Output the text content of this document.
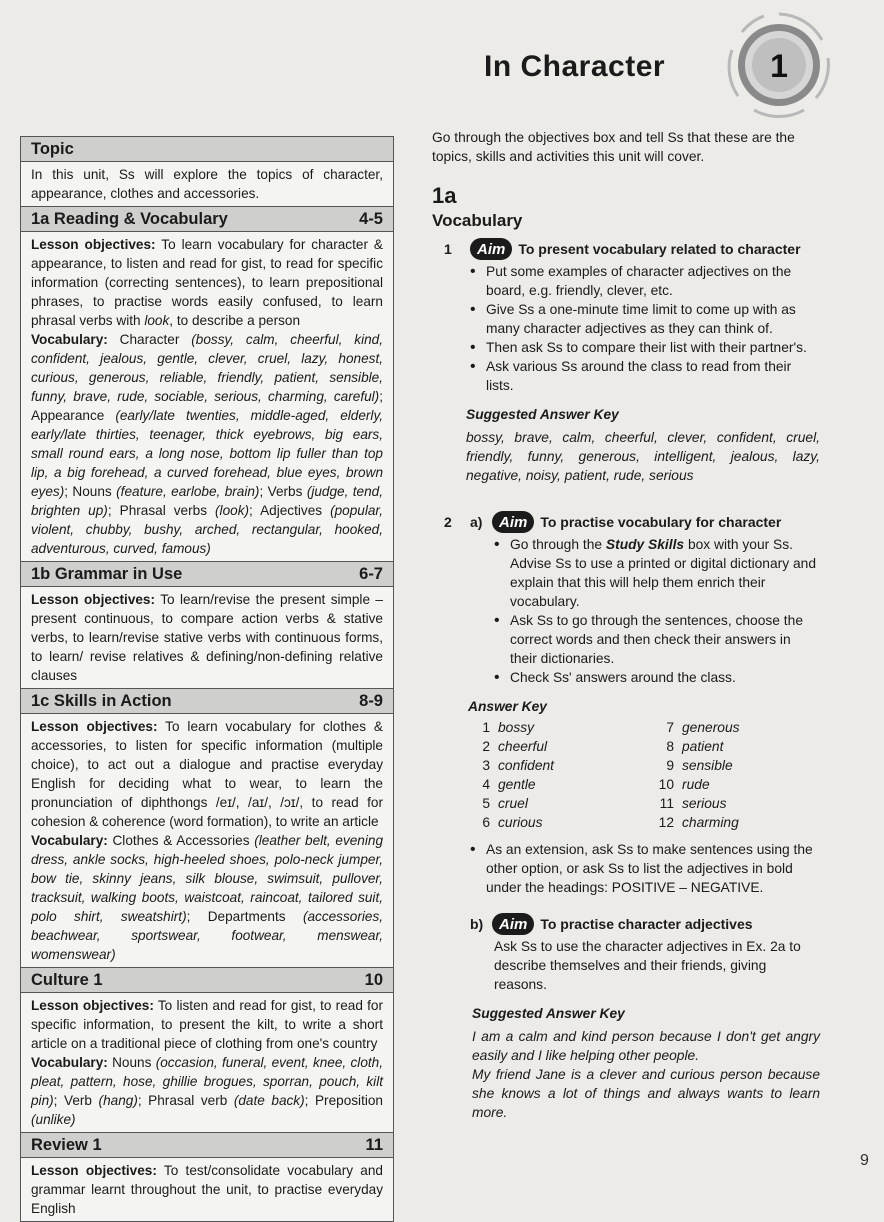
In Character	1
Topic
In this unit, Ss will explore the topics of character, appearance, clothes and accessories.
1a Reading & Vocabulary	4-5
Lesson objectives: To learn vocabulary for character & appearance, to listen and read for gist, to read for specific information (correcting sentences), to learn prepositional phrases, to practise words easily confused, to learn phrasal verbs with look, to describe a person
Vocabulary: Character (bossy, calm, cheerful, kind, confident, jealous, gentle, clever, cruel, lazy, honest, curious, generous, reliable, friendly, patient, sensible, funny, brave, rude, sociable, serious, charming, careful); Appearance (early/late twenties, middle-aged, elderly, early/late thirties, teenager, thick eyebrows, big ears, small round ears, a long nose, bottom lip fuller than top lip, a big forehead, a curved forehead, blue eyes, brown eyes); Nouns (feature, earlobe, brain); Verbs (judge, tend, brighten up); Phrasal verbs (look); Adjectives (popular, violent, chubby, bushy, arched, rectangular, hooked, adventurous, curved, famous)
1b Grammar in Use	6-7
Lesson objectives: To learn/revise the present simple – present continuous, to compare action verbs & stative verbs, to learn/revise stative verbs with continuous forms, to learn/ revise relatives & defining/non-defining relative clauses
1c Skills in Action	8-9
Lesson objectives: To learn vocabulary for clothes & accessories, to listen for specific information (multiple choice), to act out a dialogue and practise everyday English for deciding what to wear, to learn the pronunciation of diphthongs /eɪ/, /aɪ/, /ɔɪ/, to read for cohesion & coherence (word formation), to write an article
Vocabulary: Clothes & Accessories (leather belt, evening dress, ankle socks, high-heeled shoes, polo-neck jumper, bow tie, skinny jeans, silk blouse, swimsuit, pullover, tracksuit, walking boots, waistcoat, raincoat, tailored suit, polo shirt, sweatshirt); Departments (accessories, beachwear, sportswear, footwear, menswear, womenswear)
Culture 1	10
Lesson objectives: To listen and read for gist, to read for specific information, to present the kilt, to write a short article on a traditional piece of clothing from one's country
Vocabulary: Nouns (occasion, funeral, event, knee, cloth, pleat, pattern, hose, ghillie brogues, sporran, pouch, kilt pin); Verb (hang); Phrasal verb (date back); Preposition (unlike)
Review 1	11
Lesson objectives: To test/consolidate vocabulary and grammar learnt throughout the unit, to practise everyday English

Go through the objectives box and tell Ss that these are the topics, skills and activities this unit will cover.

1a
Vocabulary
1	Aim To present vocabulary related to character
• Put some examples of character adjectives on the board, e.g. friendly, clever, etc.
• Give Ss a one-minute time limit to come up with as many character adjectives as they can think of.
• Then ask Ss to compare their list with their partner's.
• Ask various Ss around the class to read from their lists.
Suggested Answer Key
bossy, brave, calm, cheerful, clever, confident, cruel, friendly, funny, generous, intelligent, jealous, lazy, negative, noisy, patient, rude, serious
2	a)	Aim To practise vocabulary for character
• Go through the Study Skills box with your Ss. Advise Ss to use a printed or digital dictionary and explain that this will help them enrich their vocabulary.
• Ask Ss to go through the sentences, choose the correct words and then check their answers in their dictionaries.
• Check Ss' answers around the class.
Answer Key
1 bossy	7 generous
2 cheerful	8 patient
3 confident	9 sensible
4 gentle	10 rude
5 cruel	11 serious
6 curious	12 charming
• As an extension, ask Ss to make sentences using the other option, or ask Ss to list the adjectives in bold under the headings: POSITIVE – NEGATIVE.
b)	Aim To practise character adjectives

Ask Ss to use the character adjectives in Ex. 2a to describe themselves and their friends, giving reasons.

Suggested Answer Key
I am a calm and kind person because I don't get angry easily and I like helping other people.
My friend Jane is a clever and curious person because she knows a lot of things and always wants to learn more.
9
